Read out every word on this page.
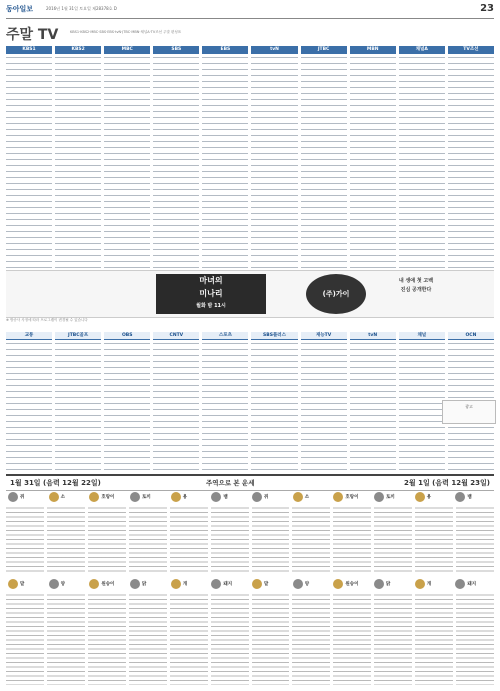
동아일보	2016년 1월 31일 토요일 제28378호 D	23
주말 TV	KBS1·KBS2·MBC·SBS·EBS·tvN·JTBC·MBN·채널A·TV조선 주말 편성표
KBS1	KBS2	MBC	SBS	EBS	tvN	JTBC	MBN	채널A	TV조선
마녀의
미나리
월화 밤 11시
(주)가이
내 생애 첫 고백
진심 공개한다
※ 방송사 사정에 따라 프로그램이 변경될 수 있습니다
교통	JTBC골프	OBS	CNTV	스포츠	SBS플러스	재능TV	tvN	채널	OCN
광고
1월 31일 (음력 12월 22일)	주역으로 본 운세	2월 1일 (음력 12월 23일)
쥐	소	호랑이	토끼	용	뱀	쥐	소	호랑이	토끼	용	뱀
말	양	원숭이	닭	개	돼지	말	양	원숭이	닭	개	돼지
